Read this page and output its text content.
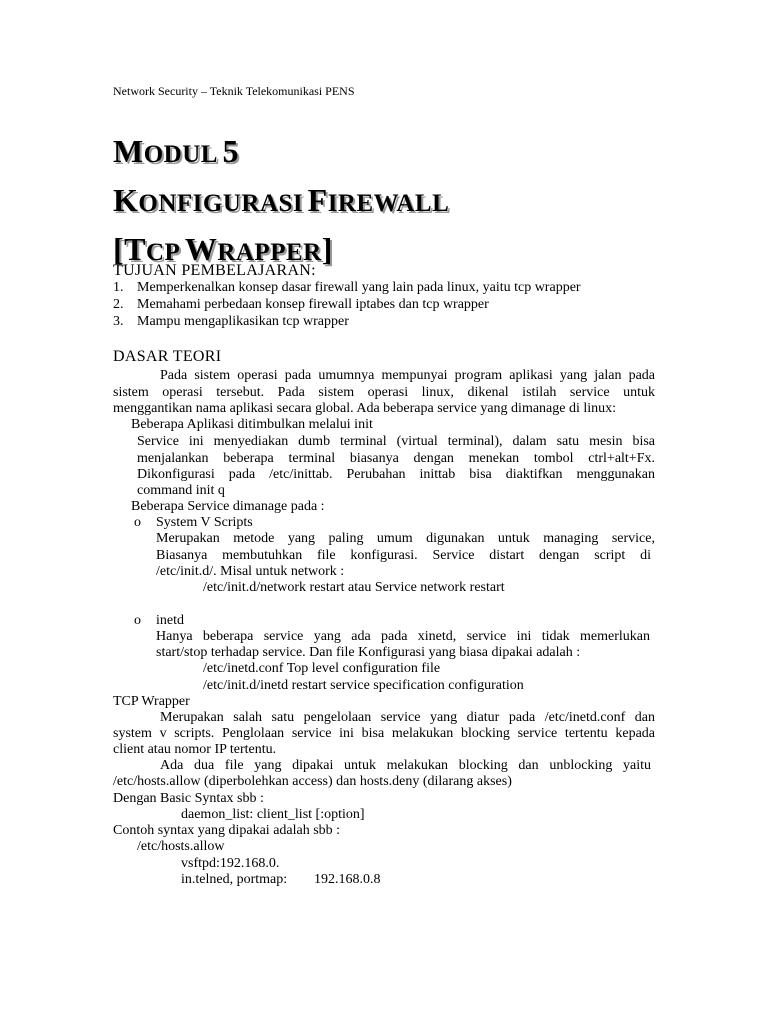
Network Security – Teknik Telekomunikasi PENS
MODUL 5
KONFIGURASI FIREWALL
[TCP WRAPPER]
TUJUAN PEMBELAJARAN:
1. Memperkenalkan konsep dasar firewall yang lain pada linux, yaitu tcp wrapper
2. Memahami perbedaan konsep firewall iptabes dan tcp wrapper
3. Mampu mengaplikasikan tcp wrapper
DASAR TEORI
Pada sistem operasi pada umumnya mempunyai program aplikasi yang jalan pada
sistem operasi tersebut. Pada sistem operasi linux, dikenal istilah service untuk
menggantikan nama aplikasi secara global. Ada beberapa service yang dimanage di linux:
Beberapa Aplikasi ditimbulkan melalui init
Service ini menyediakan dumb terminal (virtual terminal), dalam satu mesin bisa
menjalankan beberapa terminal biasanya dengan menekan tombol ctrl+alt+Fx.
Dikonfigurasi pada /etc/inittab. Perubahan inittab bisa diaktifkan menggunakan
command init q
Beberapa Service dimanage pada :
o System V Scripts
Merupakan metode yang paling umum digunakan untuk managing service,
Biasanya membutuhkan file konfigurasi. Service distart dengan script di
/etc/init.d/. Misal untuk network :
/etc/init.d/network restart atau Service network restart
o inetd
Hanya beberapa service yang ada pada xinetd, service ini tidak memerlukan
start/stop terhadap service. Dan file Konfigurasi yang biasa dipakai adalah :
/etc/inetd.conf Top level configuration file
/etc/init.d/inetd restart service specification configuration
TCP Wrapper
Merupakan salah satu pengelolaan service yang diatur pada /etc/inetd.conf dan
system v scripts. Penglolaan service ini bisa melakukan blocking service tertentu kepada
client atau nomor IP tertentu.
Ada dua file yang dipakai untuk melakukan blocking dan unblocking yaitu
/etc/hosts.allow (diperbolehkan access) dan hosts.deny (dilarang akses)
Dengan Basic Syntax sbb :
daemon_list: client_list [:option]
Contoh syntax yang dipakai adalah sbb :
/etc/hosts.allow
vsftpd:192.168.0.
in.telned, portmap: 192.168.0.8
